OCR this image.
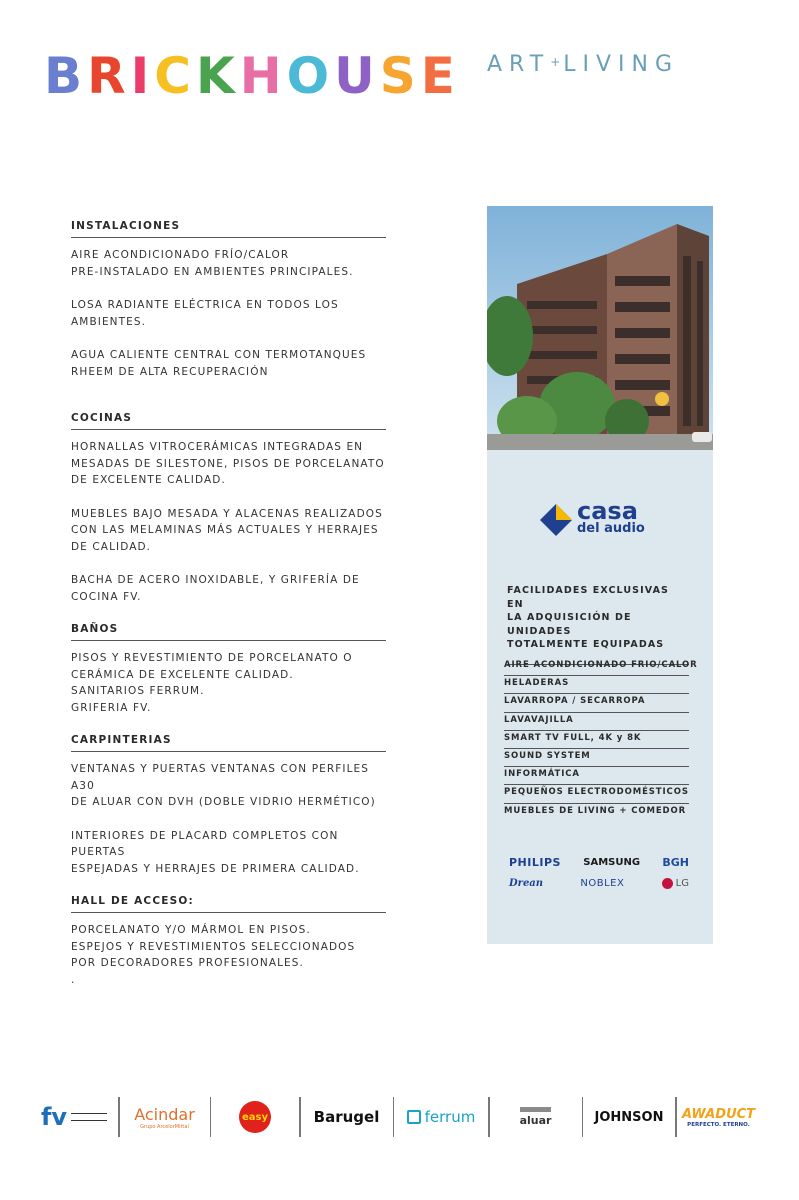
B R I C K H O U S E ART+LIVING
INSTALACIONES
AIRE ACONDICIONADO FRÍO/CALOR
PRE-INSTALADO EN AMBIENTES PRINCIPALES.
LOSA RADIANTE ELÉCTRICA EN TODOS LOS
AMBIENTES.
AGUA CALIENTE CENTRAL CON TERMOTANQUES
RHEEM DE ALTA RECUPERACIÓN
COCINAS
HORNALLAS VITROCERÁMICAS INTEGRADAS EN
MESADAS DE SILESTONE, PISOS DE PORCELANATO
DE EXCELENTE CALIDAD.
MUEBLES BAJO MESADA Y ALACENAS REALIZADOS
CON LAS MELAMINAS MÁS ACTUALES Y HERRAJES
DE CALIDAD.
BACHA DE ACERO INOXIDABLE, Y GRIFERÍA DE
COCINA FV.
BAÑOS
PISOS Y REVESTIMIENTO DE PORCELANATO O
CERÁMICA DE EXCELENTE CALIDAD.
SANITARIOS FERRUM.
GRIFERIA FV.
CARPINTERIAS
VENTANAS Y PUERTAS VENTANAS CON PERFILES A30
DE ALUAR CON DVH (DOBLE VIDRIO HERMÉTICO)
INTERIORES DE PLACARD COMPLETOS CON PUERTAS
ESPEJADAS Y HERRAJES DE PRIMERA CALIDAD.
HALL DE ACCESO:
PORCELANATO Y/O MÁRMOL EN PISOS.
ESPEJOS Y REVESTIMIENTOS SELECCIONADOS
POR DECORADORES PROFESIONALES.
.
casa
del audio
FACILIDADES EXCLUSIVAS EN
LA ADQUISICIÓN DE UNIDADES
TOTALMENTE EQUIPADAS
AIRE ACONDICIONADO FRIO/CALOR
HELADERAS
LAVARROPA / SECARROPA
LAVAVAJILLA
SMART TV FULL, 4K y 8K
SOUND SYSTEM
INFORMÁTICA
PEQUEÑOS ELECTRODOMÉSTICOS
MUEBLES DE LIVING + COMEDOR
PHILIPS SAMSUNG BGH
Drean	NOBLEX	LG
fv	Acindar
Grupo ArcelorMittal
easy	Barugel	ferrum	aluar	JOHNSON AWADUCT
PERFECTO. ETERNO.
